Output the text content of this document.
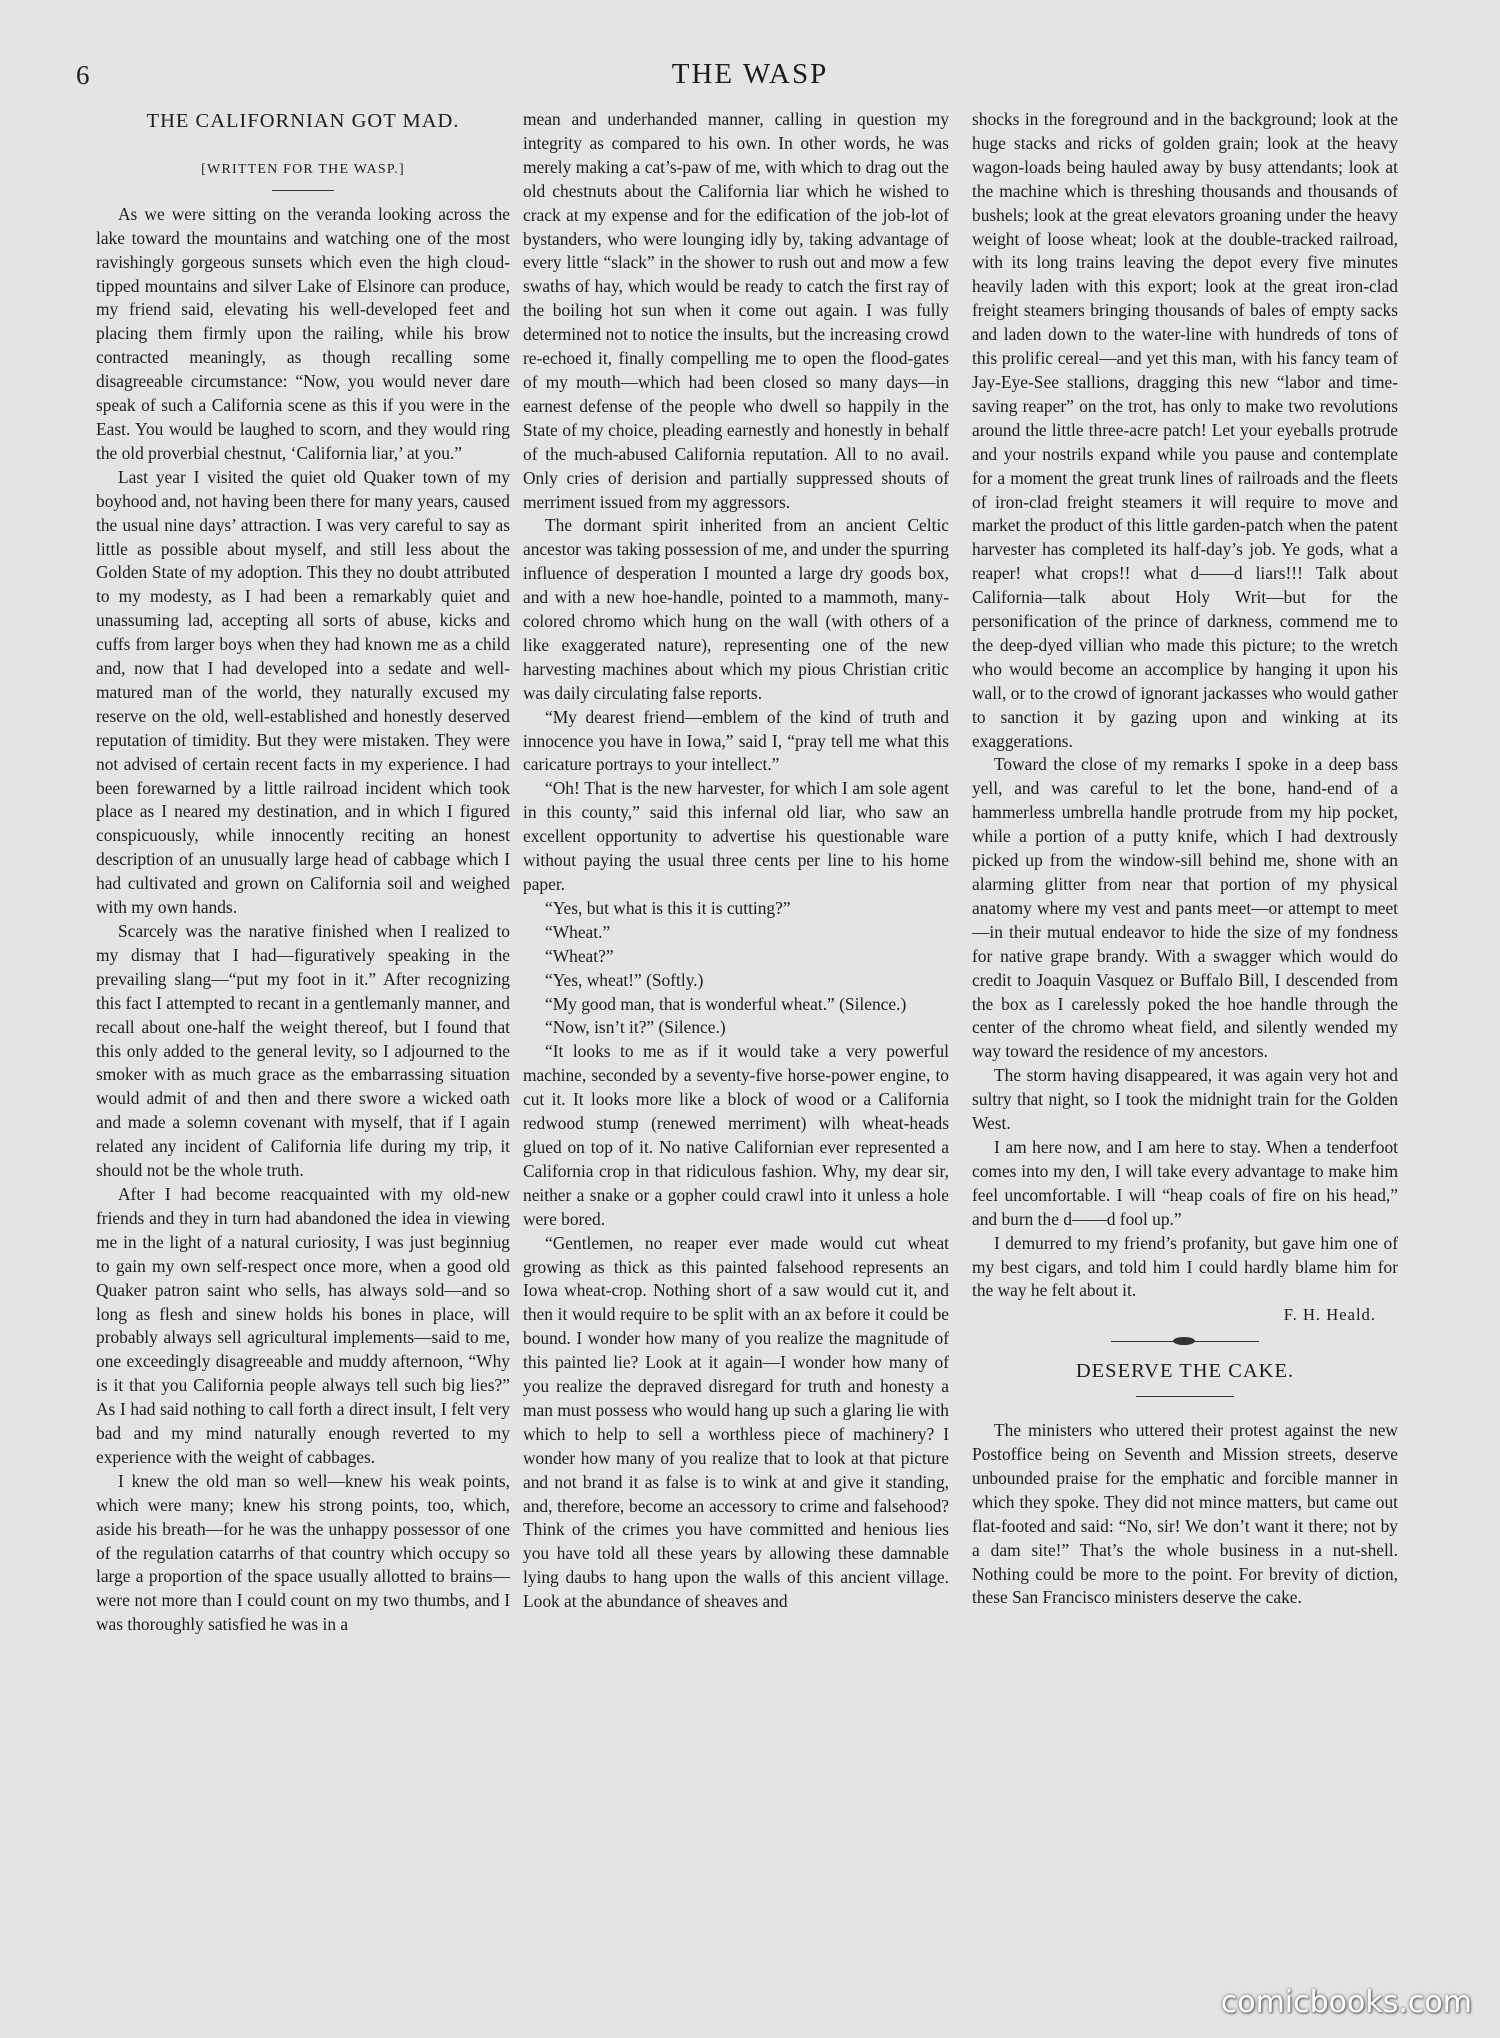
6	THE WASP
THE CALIFORNIAN GOT MAD.
[WRITTEN FOR THE WASP.]

As we were sitting on the veranda looking across the lake toward the mountains and watching one of the most ravishingly gorgeous sunsets which even the high cloud-tipped mountains and silver Lake of Elsinore can produce, my friend said, elevating his well-developed feet and placing them firmly upon the railing, while his brow contracted meaningly, as though recalling some disagreeable circumstance: “Now, you would never dare speak of such a California scene as this if you were in the East. You would be laughed to scorn, and they would ring the old proverbial chestnut, ‘California liar,’ at you.”

Last year I visited the quiet old Quaker town of my boyhood and, not having been there for many years, caused the usual nine days’ attraction. I was very careful to say as little as possible about myself, and still less about the Golden State of my adoption. This they no doubt attributed to my modesty, as I had been a remarkably quiet and unassuming lad, accepting all sorts of abuse, kicks and cuffs from larger boys when they had known me as a child and, now that I had developed into a sedate and well-matured man of the world, they naturally excused my reserve on the old, well-established and honestly deserved reputation of timidity. But they were mistaken. They were not advised of certain recent facts in my experience. I had been forewarned by a little railroad incident which took place as I neared my destination, and in which I figured conspicuously, while innocently reciting an honest description of an unusually large head of cabbage which I had cultivated and grown on California soil and weighed with my own hands.

Scarcely was the narative finished when I realized to my dismay that I had—figuratively speaking in the prevailing slang—“put my foot in it.” After recognizing this fact I attempted to recant in a gentlemanly manner, and recall about one-half the weight thereof, but I found that this only added to the general levity, so I adjourned to the smoker with as much grace as the embarrassing situation would admit of and then and there swore a wicked oath and made a solemn covenant with myself, that if I again related any incident of California life during my trip, it should not be the whole truth.

After I had become reacquainted with my old-new friends and they in turn had abandoned the idea in viewing me in the light of a natural curiosity, I was just beginniug to gain my own self-respect once more, when a good old Quaker patron saint who sells, has always sold—and so long as flesh and sinew holds his bones in place, will probably always sell agricultural implements—said to me, one exceedingly disagreeable and muddy afternoon, “Why is it that you California people always tell such big lies?” As I had said nothing to call forth a direct insult, I felt very bad and my mind naturally enough reverted to my experience with the weight of cabbages.

I knew the old man so well—knew his weak points, which were many; knew his strong points, too, which, aside his breath—for he was the unhappy possessor of one of the regulation catarrhs of that country which occupy so large a proportion of the space usually allotted to brains—were not more than I could count on my two thumbs, and I was thoroughly satisfied he was in a

mean and underhanded manner, calling in question my integrity as compared to his own. In other words, he was merely making a cat’s-paw of me, with which to drag out the old chestnuts about the California liar which he wished to crack at my expense and for the edification of the job-lot of bystanders, who were lounging idly by, taking advantage of every little “slack” in the shower to rush out and mow a few swaths of hay, which would be ready to catch the first ray of the boiling hot sun when it come out again. I was fully determined not to notice the insults, but the increasing crowd re-echoed it, finally compelling me to open the flood-gates of my mouth—which had been closed so many days—in earnest defense of the people who dwell so happily in the State of my choice, pleading earnestly and honestly in behalf of the much-abused California reputation. All to no avail. Only cries of derision and partially suppressed shouts of merriment issued from my aggressors.

The dormant spirit inherited from an ancient Celtic ancestor was taking possession of me, and under the spurring influence of desperation I mounted a large dry goods box, and with a new hoe-handle, pointed to a mammoth, many-colored chromo which hung on the wall (with others of a like exaggerated nature), representing one of the new harvesting machines about which my pious Christian critic was daily circulating false reports.

“My dearest friend—emblem of the kind of truth and innocence you have in Iowa,” said I, “pray tell me what this caricature portrays to your intellect.”

“Oh! That is the new harvester, for which I am sole agent in this county,” said this infernal old liar, who saw an excellent opportunity to advertise his questionable ware without paying the usual three cents per line to his home paper.

“Yes, but what is this it is cutting?”

“Wheat.”

“Wheat?”

“Yes, wheat!” (Softly.)

“My good man, that is wonderful wheat.” (Silence.)

“Now, isn’t it?” (Silence.)

“It looks to me as if it would take a very powerful machine, seconded by a seventy-five horse-power engine, to cut it. It looks more like a block of wood or a California redwood stump (renewed merriment) wilh wheat-heads glued on top of it. No native Californian ever represented a California crop in that ridiculous fashion. Why, my dear sir, neither a snake or a gopher could crawl into it unless a hole were bored.

“Gentlemen, no reaper ever made would cut wheat growing as thick as this painted falsehood represents an Iowa wheat-crop. Nothing short of a saw would cut it, and then it would require to be split with an ax before it could be bound. I wonder how many of you realize the magnitude of this painted lie? Look at it again—I wonder how many of you realize the depraved disregard for truth and honesty a man must possess who would hang up such a glaring lie with which to help to sell a worthless piece of machinery? I wonder how many of you realize that to look at that picture and not brand it as false is to wink at and give it standing, and, therefore, become an accessory to crime and falsehood? Think of the crimes you have committed and henious lies you have told all these years by allowing these damnable lying daubs to hang upon the walls of this ancient village. Look at the abundance of sheaves and

shocks in the foreground and in the background; look at the huge stacks and ricks of golden grain; look at the heavy wagon-loads being hauled away by busy attendants; look at the machine which is threshing thousands and thousands of bushels; look at the great elevators groaning under the heavy weight of loose wheat; look at the double-tracked railroad, with its long trains leaving the depot every five minutes heavily laden with this export; look at the great iron-clad freight steamers bringing thousands of bales of empty sacks and laden down to the water-line with hundreds of tons of this prolific cereal—and yet this man, with his fancy team of Jay-Eye-See stallions, dragging this new “labor and time-saving reaper” on the trot, has only to make two revolutions around the little three-acre patch! Let your eyeballs protrude and your nostrils expand while you pause and contemplate for a moment the great trunk lines of railroads and the fleets of iron-clad freight steamers it will require to move and market the product of this little garden-patch when the patent harvester has completed its half-day’s job. Ye gods, what a reaper! what crops!! what d——d liars!!! Talk about California—talk about Holy Writ—but for the personification of the prince of darkness, commend me to the deep-dyed villian who made this picture; to the wretch who would become an accomplice by hanging it upon his wall, or to the crowd of ignorant jackasses who would gather to sanction it by gazing upon and winking at its exaggerations.

Toward the close of my remarks I spoke in a deep bass yell, and was careful to let the bone, hand-end of a hammerless umbrella handle protrude from my hip pocket, while a portion of a putty knife, which I had dextrously picked up from the window-sill behind me, shone with an alarming glitter from near that portion of my physical anatomy where my vest and pants meet—or attempt to meet—in their mutual endeavor to hide the size of my fondness for native grape brandy. With a swagger which would do credit to Joaquin Vasquez or Buffalo Bill, I descended from the box as I carelessly poked the hoe handle through the center of the chromo wheat field, and silently wended my way toward the residence of my ancestors.

The storm having disappeared, it was again very hot and sultry that night, so I took the midnight train for the Golden West.

I am here now, and I am here to stay. When a tenderfoot comes into my den, I will take every advantage to make him feel uncomfortable. I will “heap coals of fire on his head,” and burn the d——d fool up.”

I demurred to my friend’s profanity, but gave him one of my best cigars, and told him I could hardly blame him for the way he felt about it.

F. H. Heald.

DESERVE THE CAKE.

The ministers who uttered their protest against the new Postoffice being on Seventh and Mission streets, deserve unbounded praise for the emphatic and forcible manner in which they spoke. They did not mince matters, but came out flat-footed and said: “No, sir! We don’t want it there; not by a dam site!” That’s the whole business in a nut-shell. Nothing could be more to the point. For brevity of diction, these San Francisco ministers deserve the cake.

comicbooks.com
